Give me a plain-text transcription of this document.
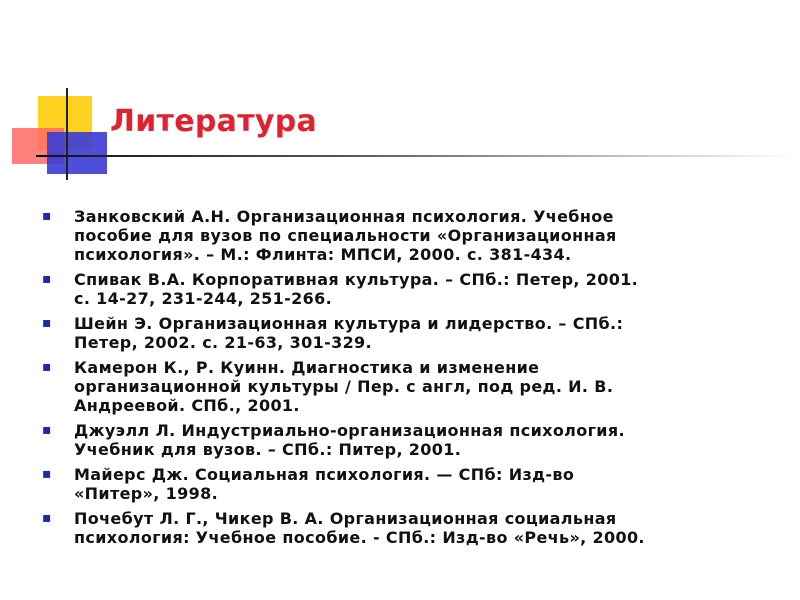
Литература
▪	Занковский А.Н. Организационная психология. Учебное
пособие для вузов по специальности «Организационная
психология». – М.: Флинта: МПСИ, 2000. с. 381-434.
▪	Спивак В.А. Корпоративная культура. – СПб.: Петер, 2001.
с. 14-27, 231-244, 251-266.
▪	Шейн Э. Организационная культура и лидерство. – СПб.:
Петер, 2002. с. 21-63, 301-329.
▪	Камерон К., Р. Куинн. Диагностика и изменение
организационной культуры / Пер. с англ, под ред. И. В.
Андреевой. СПб., 2001.
▪	Джуэлл Л. Индустриально-организационная психология.
Учебник для вузов. – СПб.: Питер, 2001.
▪	Майерс Дж. Социальная психология. — СПб: Изд-во
«Питер», 1998.
▪	Почебут Л. Г., Чикер В. А. Организационная социальная
психология: Учебное пособие. - СПб.: Изд-во «Речь», 2000.
